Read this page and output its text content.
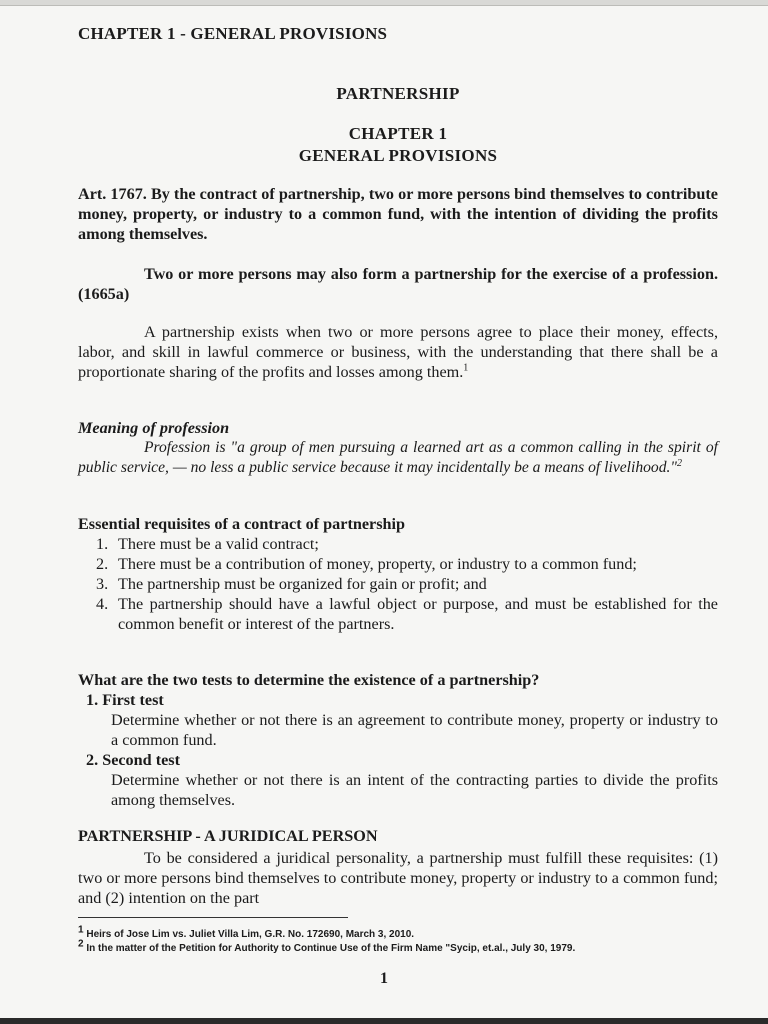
CHAPTER 1 - GENERAL PROVISIONS
PARTNERSHIP
CHAPTER 1
GENERAL PROVISIONS
Art. 1767. By the contract of partnership, two or more persons bind themselves to contribute money, property, or industry to a common fund, with the intention of dividing the profits among themselves.
Two or more persons may also form a partnership for the exercise of a profession. (1665a)
A partnership exists when two or more persons agree to place their money, effects, labor, and skill in lawful commerce or business, with the understanding that there shall be a proportionate sharing of the profits and losses among them.$^1$
Meaning of profession
Profession is "a group of men pursuing a learned art as a common calling in the spirit of public service, — no less a public service because it may incidentally be a means of livelihood."$^2$
Essential requisites of a contract of partnership
1. There must be a valid contract;
2. There must be a contribution of money, property, or industry to a common fund;
3. The partnership must be organized for gain or profit; and
4. The partnership should have a lawful object or purpose, and must be established for the common benefit or interest of the partners.
What are the two tests to determine the existence of a partnership?
1. First test
Determine whether or not there is an agreement to contribute money, property or industry to a common fund.
2. Second test
Determine whether or not there is an intent of the contracting parties to divide the profits among themselves.
PARTNERSHIP - A JURIDICAL PERSON
To be considered a juridical personality, a partnership must fulfill these requisites: (1) two or more persons bind themselves to contribute money, property or industry to a common fund; and (2) intention on the part
$^1$ Heirs of Jose Lim vs. Juliet Villa Lim, G.R. No. 172690, March 3, 2010.
$^2$ In the matter of the Petition for Authority to Continue Use of the Firm Name "Sycip, et.al., July 30, 1979.
1
